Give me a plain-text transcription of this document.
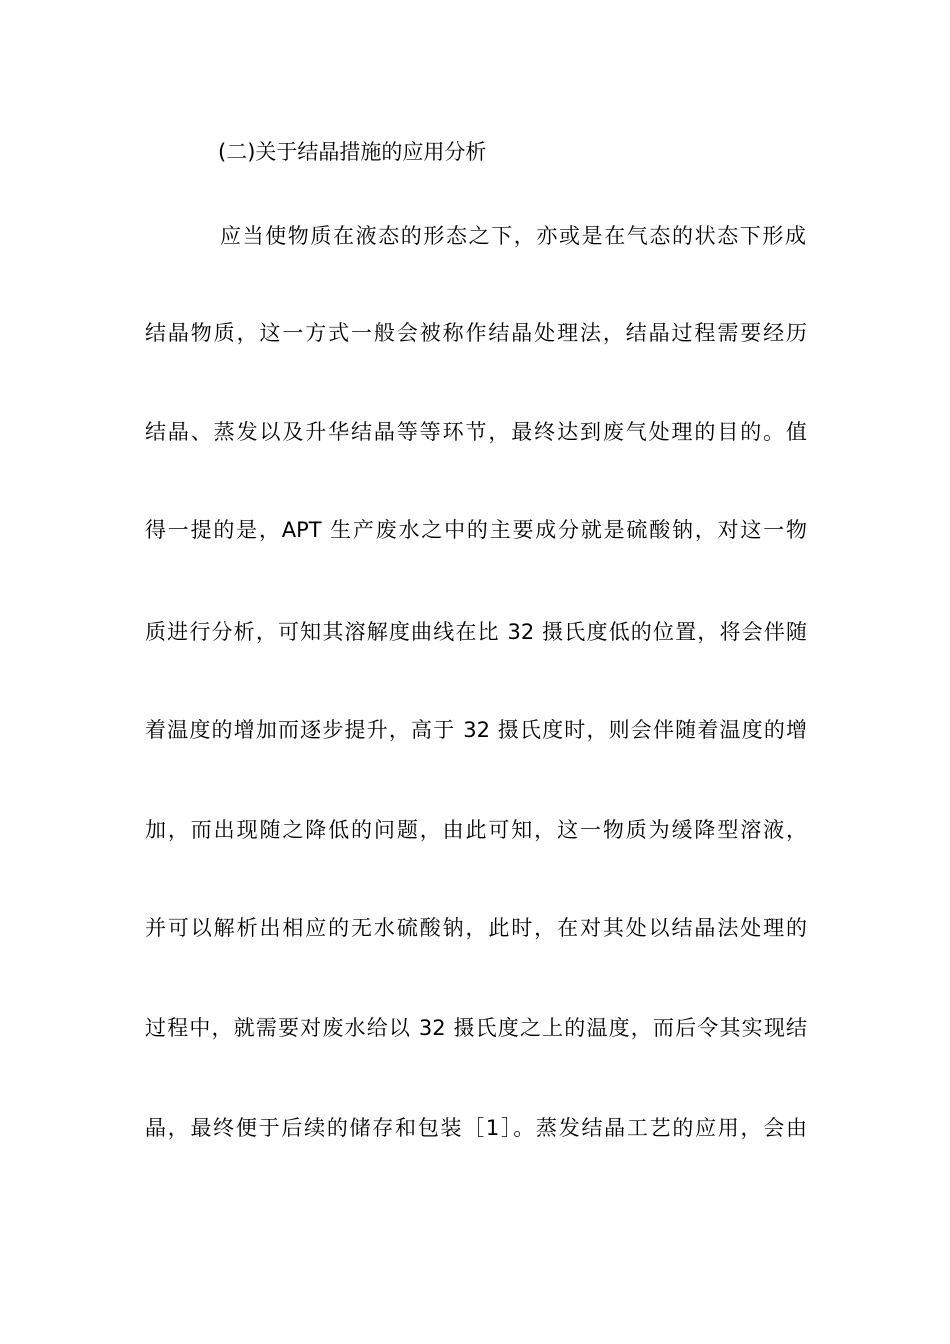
(二)关于结晶措施的应用分析
应当使物质在液态的形态之下，亦或是在气态的状态下形成
结晶物质，这一方式一般会被称作结晶处理法，结晶过程需要经历
结晶、蒸发以及升华结晶等等环节，最终达到废气处理的目的。值
得一提的是，APT 生产废水之中的主要成分就是硫酸钠，对这一物
质进行分析，可知其溶解度曲线在比 32 摄氏度低的位置，将会伴随
着温度的增加而逐步提升，高于 32 摄氏度时，则会伴随着温度的增
加，而出现随之降低的问题，由此可知，这一物质为缓降型溶液，
并可以解析出相应的无水硫酸钠，此时，在对其处以结晶法处理的
过程中，就需要对废水给以 32 摄氏度之上的温度，而后令其实现结
晶，最终便于后续的储存和包装［1］。蒸发结晶工艺的应用，会由
